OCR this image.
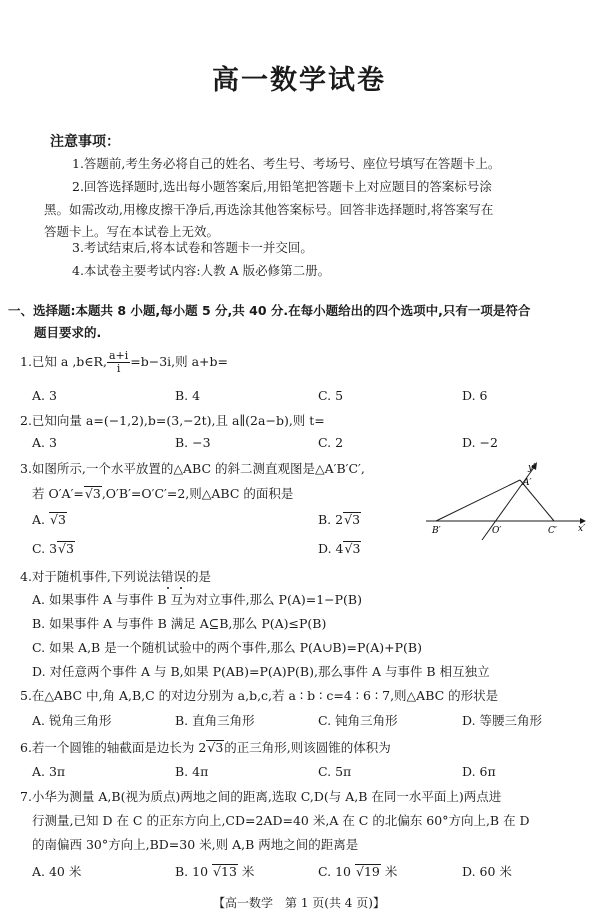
高一数学试卷
注意事项：
1.答题前,考生务必将自己的姓名、考生号、考场号、座位号填写在答题卡上。
2.回答选择题时,选出每小题答案后,用铅笔把答题卡上对应题目的答案标号涂
黑。如需改动,用橡皮擦干净后,再选涂其他答案标号。回答非选择题时,将答案写在
答题卡上。写在本试卷上无效。
3.考试结束后,将本试卷和答题卡一并交回。
4.本试卷主要考试内容:人教 A 版必修第二册。
一、选择题:本题共 8 小题,每小题 5 分,共 40 分.在每小题给出的四个选项中,只有一项是符合
题目要求的.
1.已知 a ,b∈R, $\frac{a+i}{i} =b-3i$,则 a+b=
A. 3	B. 4	C. 5	D. 6
2.已知向量 a=(−1,2),b=(3,−2t),且 a∥(2a−b),则 t=
A. 3	B. −3	C. 2	D. −2
3.如图所示,一个水平放置的△ABC 的斜二测直观图是△A′B′C′,
若 O′A′=√3,O′B′=O′C′=2,则△ABC 的面积是
A. √3	B. 2√3
C. 3√3	D. 4√3
y′
A′
B′	O′	C′ x′
4.对于随机事件,下列说法错误的是
A. 如果事件 A 与事件 B 互为对立事件,那么 P(A)=1−P(B)
B. 如果事件 A 与事件 B 满足 A⊆B,那么 P(A)≤P(B)
C. 如果 A,B 是一个随机试验中的两个事件,那么 P(A∪B)=P(A)+P(B)
D. 对任意两个事件 A 与 B,如果 P(AB)=P(A)P(B),那么事件 A 与事件 B 相互独立
5.在△ABC 中,角 A,B,C 的对边分别为 a,b,c,若 a ∶ b ∶ c=4 ∶ 6 ∶ 7,则△ABC 的形状是
A. 锐角三角形	B. 直角三角形	C. 钝角三角形	D. 等腰三角形
6.若一个圆锥的轴截面是边长为 2√3的正三角形,则该圆锥的体积为
A. 3π	B. 4π	C. 5π	D. 6π
7.小华为测量 A,B(视为质点)两地之间的距离,选取 C,D(与 A,B 在同一水平面上)两点进
行测量,已知 D 在 C 的正东方向上,CD=2AD=40 米,A 在 C 的北偏东 60°方向上,B 在 D
的南偏西 30°方向上,BD=30 米,则 A,B 两地之间的距离是
A. 40 米	B. 10 √13 米	C. 10 √19 米	D. 60 米
【高一数学　第 1 页(共 4 页)】
